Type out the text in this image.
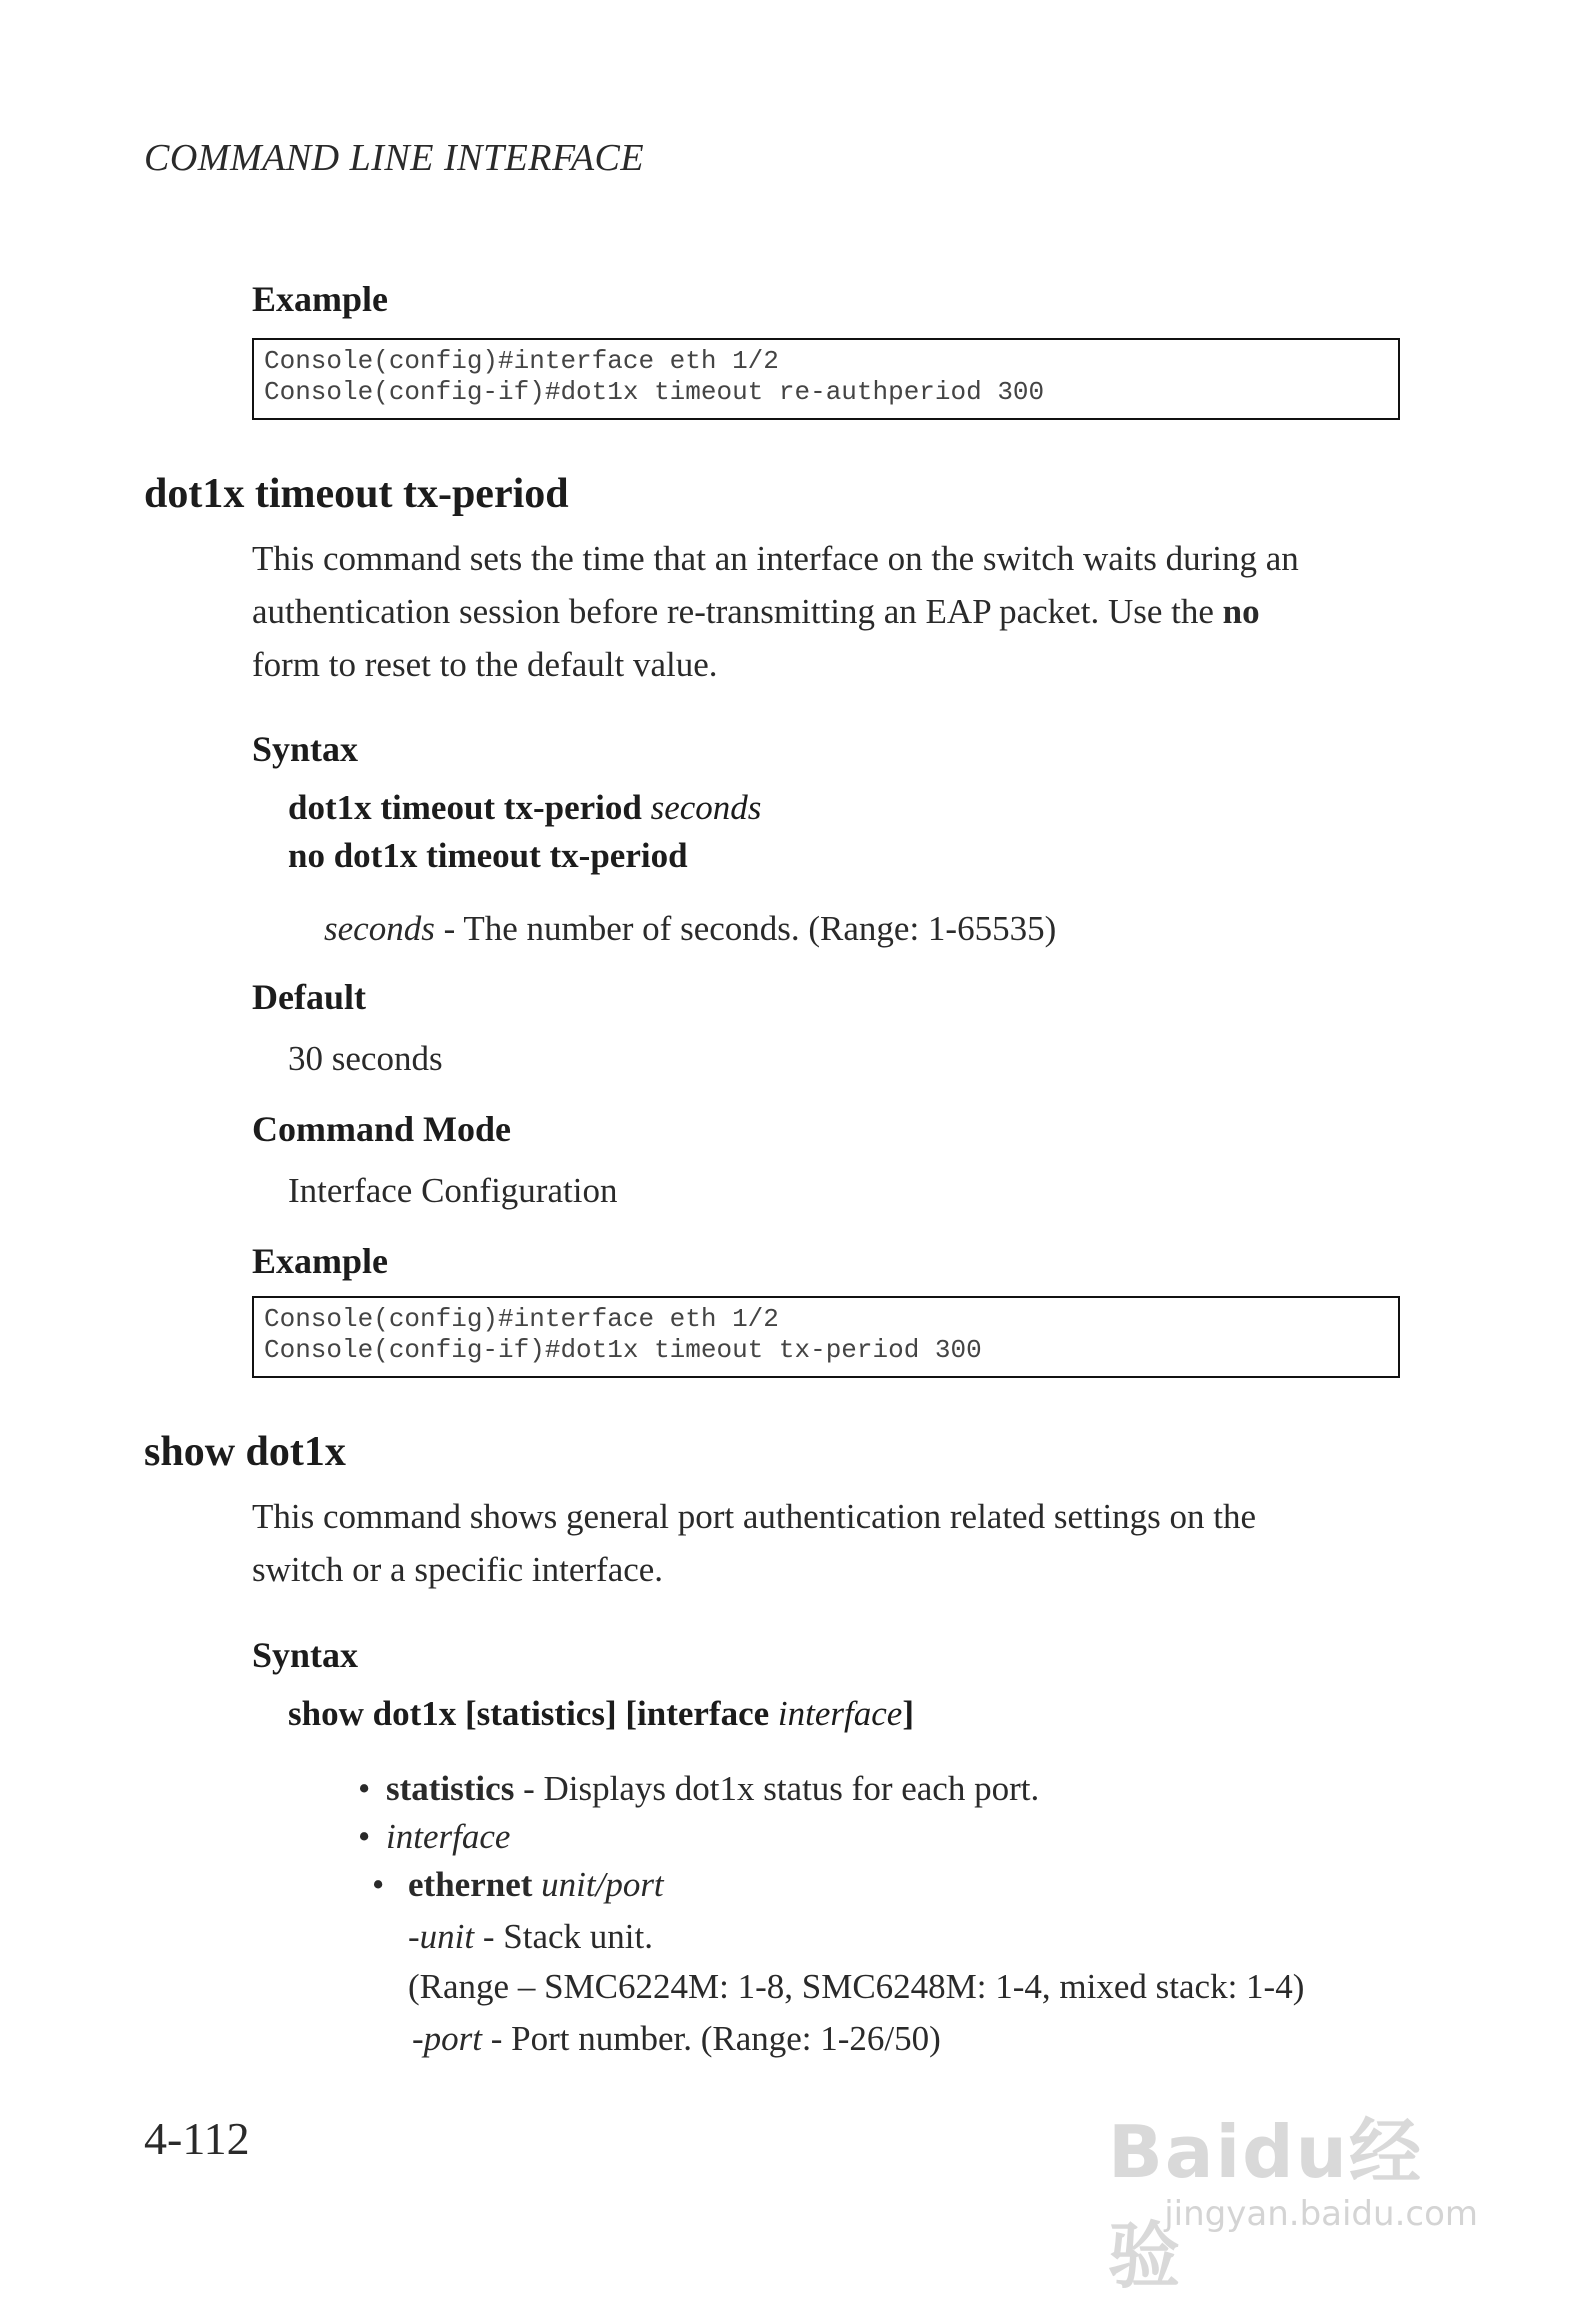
COMMAND LINE INTERFACE
Example
Console(config)#interface eth 1/2
Console(config-if)#dot1x timeout re-authperiod 300
dot1x timeout tx-period
This command sets the time that an interface on the switch waits during an
authentication session before re-transmitting an EAP packet. Use the no
form to reset to the default value.
Syntax
dot1x timeout tx-period seconds
no dot1x timeout tx-period
seconds - The number of seconds. (Range: 1-65535)
Default
30 seconds
Command Mode
Interface Configuration
Example
Console(config)#interface eth 1/2
Console(config-if)#dot1x timeout tx-period 300
show dot1x
This command shows general port authentication related settings on the
switch or a specific interface.
Syntax
show dot1x [statistics] [interface interface]
• statistics - Displays dot1x status for each port.
• interface
• ethernet unit/port
-unit - Stack unit.
(Range – SMC6224M: 1-8, SMC6248M: 1-4, mixed stack: 1-4)
-port - Port number. (Range: 1-26/50)
4-112	Baidu经验
jingyan.baidu.com
